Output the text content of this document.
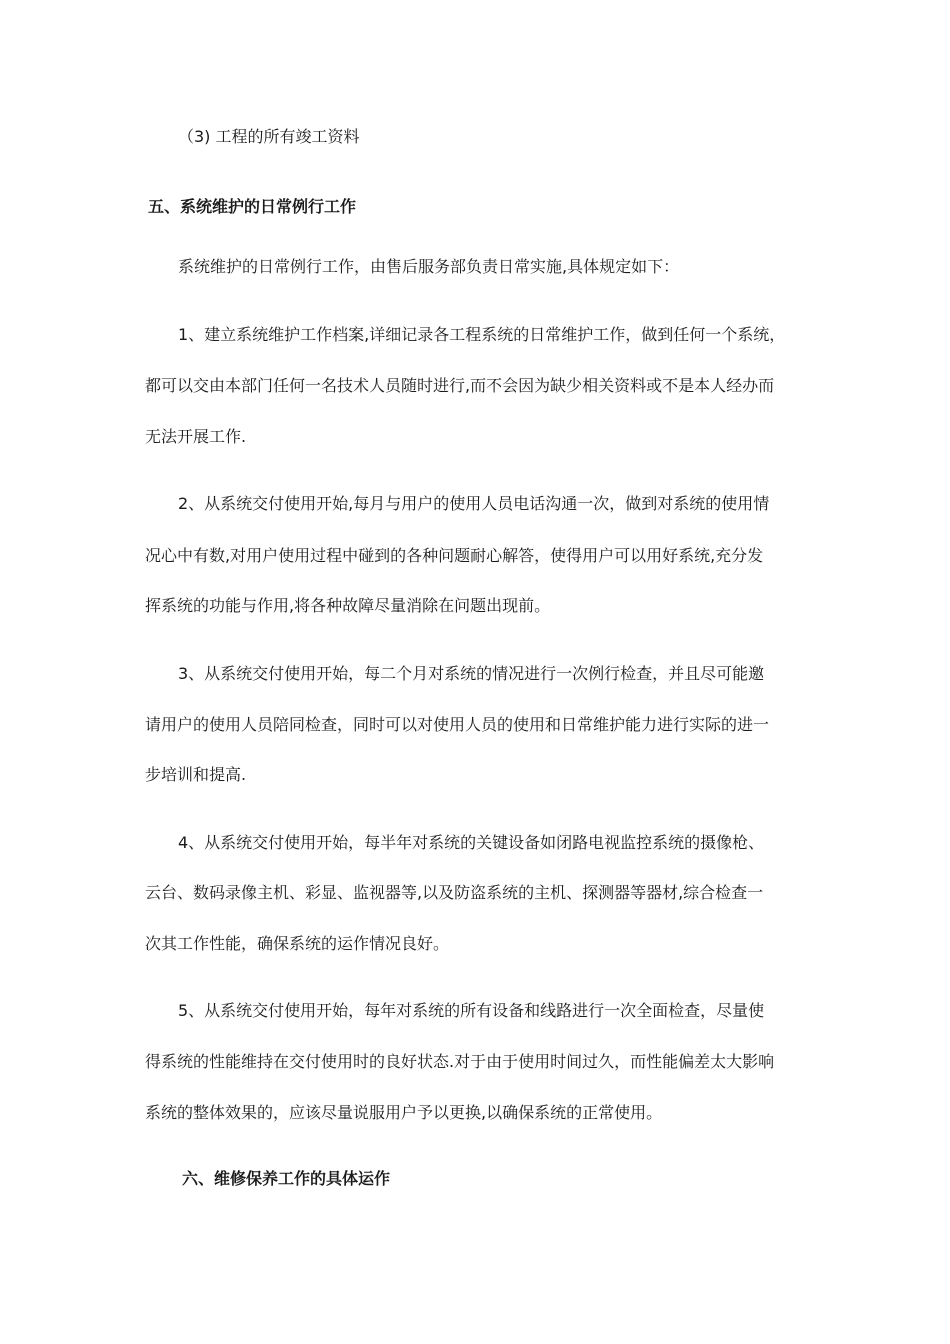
（3) 工程的所有竣工资料
五、系统维护的日常例行工作
系统维护的日常例行工作，由售后服务部负责日常实施,具体规定如下：
1、建立系统维护工作档案,详细记录各工程系统的日常维护工作，做到任何一个系统，
都可以交由本部门任何一名技术人员随时进行,而不会因为缺少相关资料或不是本人经办而
无法开展工作.
2、从系统交付使用开始,每月与用户的使用人员电话沟通一次，做到对系统的使用情
况心中有数,对用户使用过程中碰到的各种问题耐心解答，使得用户可以用好系统,充分发
挥系统的功能与作用,将各种故障尽量消除在问题出现前。
3、从系统交付使用开始，每二个月对系统的情况进行一次例行检查，并且尽可能邀
请用户的使用人员陪同检查，同时可以对使用人员的使用和日常维护能力进行实际的进一
步培训和提高.
4、从系统交付使用开始，每半年对系统的关键设备如闭路电视监控系统的摄像枪、
云台、数码录像主机、彩显、监视器等,以及防盗系统的主机、探测器等器材,综合检查一
次其工作性能，确保系统的运作情况良好。
5、从系统交付使用开始，每年对系统的所有设备和线路进行一次全面检查，尽量使
得系统的性能维持在交付使用时的良好状态.对于由于使用时间过久，而性能偏差太大影响
系统的整体效果的，应该尽量说服用户予以更换,以确保系统的正常使用。
六、维修保养工作的具体运作
